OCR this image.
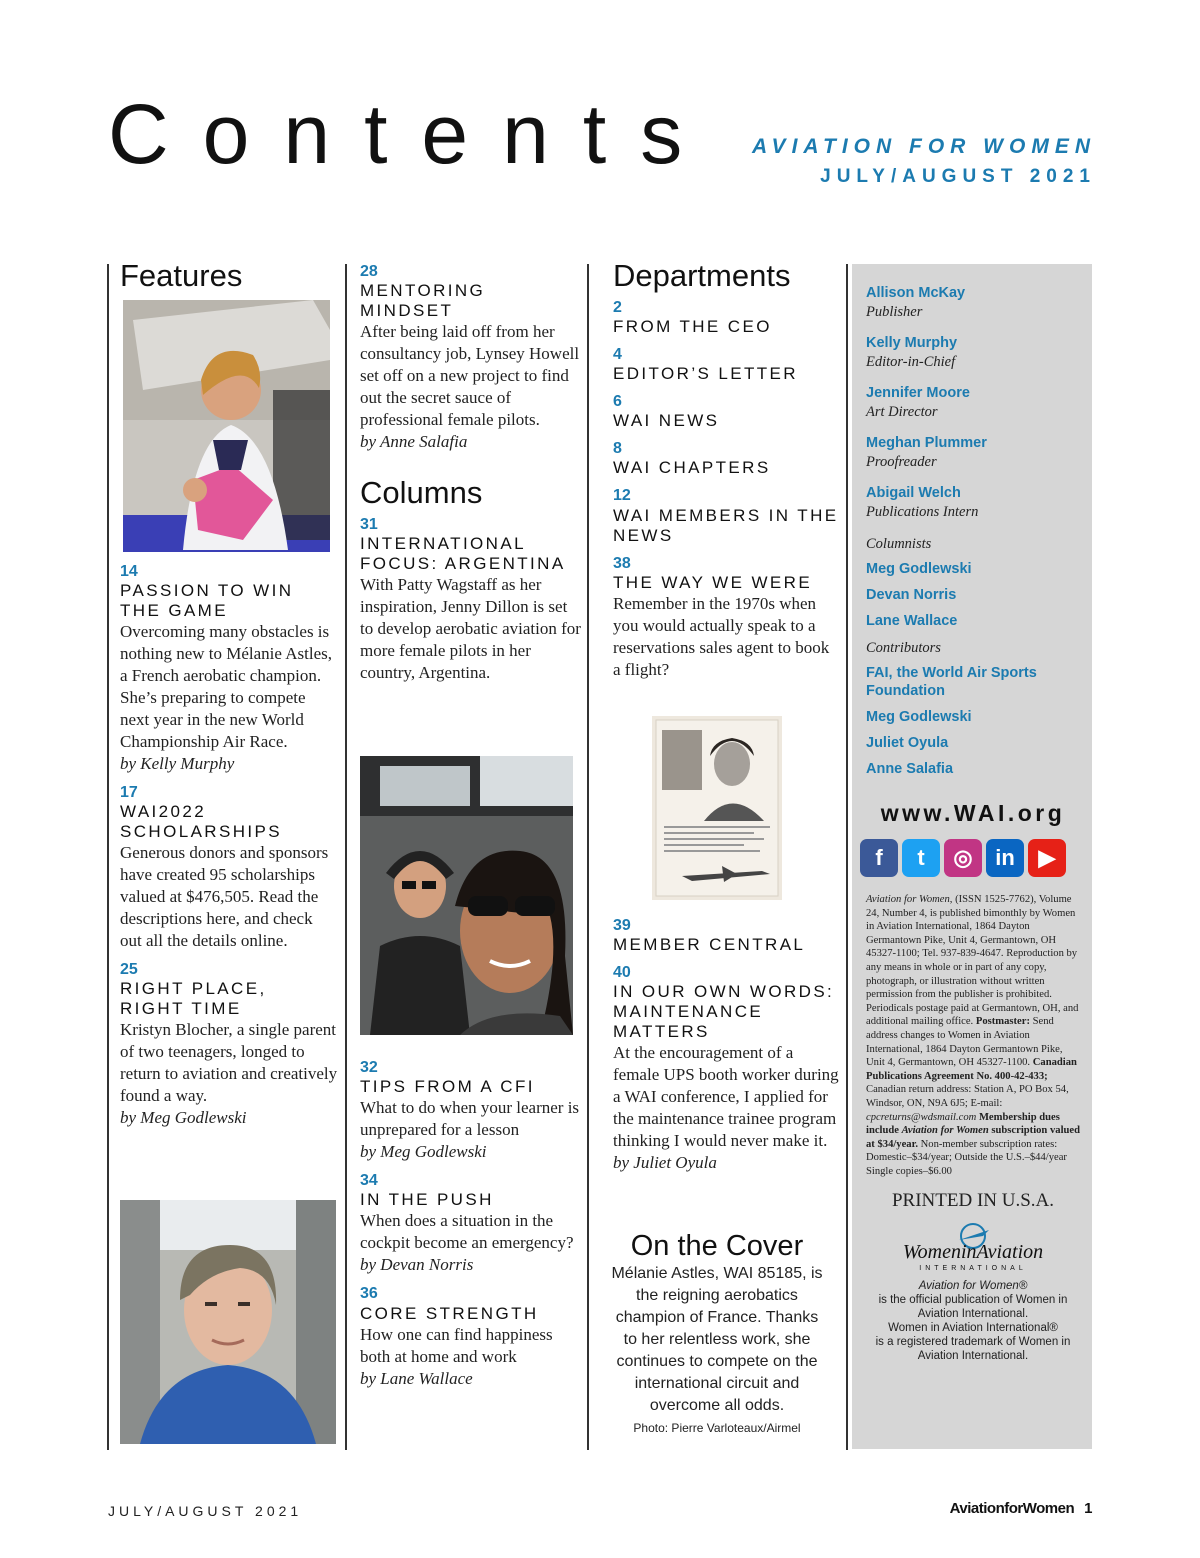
Contents AVIATION FOR WOMEN
JULY/AUGUST 2021
Features
14
PASSION TO WIN THE GAME
Overcoming many obstacles is nothing new to Mélanie Astles, a French aerobatic champion. She’s preparing to compete next year in the new World Championship Air Race.
by Kelly Murphy
17
WAI2022 SCHOLARSHIPS
Generous donors and sponsors have created 95 scholarships valued at $476,505. Read the descriptions here, and check out all the details online.
25
RIGHT PLACE, RIGHT TIME
Kristyn Blocher, a single parent of two teenagers, longed to return to aviation and creatively found a way.
by Meg Godlewski
28
MENTORING MINDSET
After being laid off from her consultancy job, Lynsey Howell set off on a new project to find out the secret sauce of professional female pilots.
by Anne Salafia
Columns
31
INTERNATIONAL FOCUS: ARGENTINA
With Patty Wagstaff as her inspiration, Jenny Dillon is set to develop aerobatic aviation for more female pilots in her country, Argentina.
32
TIPS FROM A CFI
What to do when your learner is unprepared for a lesson
by Meg Godlewski
34
IN THE PUSH
When does a situation in the cockpit become an emergency?
by Devan Norris
36
CORE STRENGTH
How one can find happiness both at home and work
by Lane Wallace
Departments
2
FROM THE CEO
4
EDITOR’S LETTER
6
WAI NEWS
8
WAI CHAPTERS
12
WAI MEMBERS IN THE NEWS
38
THE WAY WE WERE
Remember in the 1970s when you would actually speak to a reservations sales agent to book a flight?
39
MEMBER CENTRAL
40
IN OUR OWN WORDS: MAINTENANCE MATTERS
At the encouragement of a female UPS booth worker during a WAI conference, I applied for the maintenance trainee program thinking I would never make it.
by Juliet Oyula
On the Cover
Mélanie Astles, WAI 85185, is the reigning aerobatics champion of France. Thanks to her relentless work, she continues to compete on the international circuit and overcome all odds.
Photo: Pierre Varloteaux/Airmel
Allison McKay
Publisher
Kelly Murphy
Editor-in-Chief
Jennifer Moore
Art Director
Meghan Plummer
Proofreader
Abigail Welch
Publications Intern
Columnists
Meg Godlewski
Devan Norris
Lane Wallace
Contributors
FAI, the World Air Sports Foundation
Meg Godlewski
Juliet Oyula
Anne Salafia
www.WAI.org
f	t	◎	in	▶
Aviation for Women, (ISSN 1525-7762), Volume 24, Number 4, is published bimonthly by Women in Aviation International, 1864 Dayton Germantown Pike, Unit 4, Germantown, OH 45327-1100; Tel. 937-839-4647. Reproduction by any means in whole or in part of any copy, photograph, or illustration without written permission from the publisher is prohibited. Periodicals postage paid at Germantown, OH, and additional mailing office. Postmaster: Send address changes to Women in Aviation International, 1864 Dayton Germantown Pike, Unit 4, Germantown, OH 45327-1100. Canadian Publications Agreement No. 400-42-433; Canadian return address: Station A, PO Box 54, Windsor, ON, N9A 6J5; E-mail: cpcreturns@wdsmail.com Membership dues include Aviation for Women subscription valued at $34/year. Non-member subscription rates: Domestic–$34/year; Outside the U.S.–$44/year Single copies–$6.00
PRINTED IN U.S.A.
WomeninAviation
INTERNATIONAL
Aviation for Women®
is the official publication of Women in Aviation International.
Women in Aviation International®
is a registered trademark of Women in Aviation International.
JULY/AUGUST 2021	AviationforWomen 1
